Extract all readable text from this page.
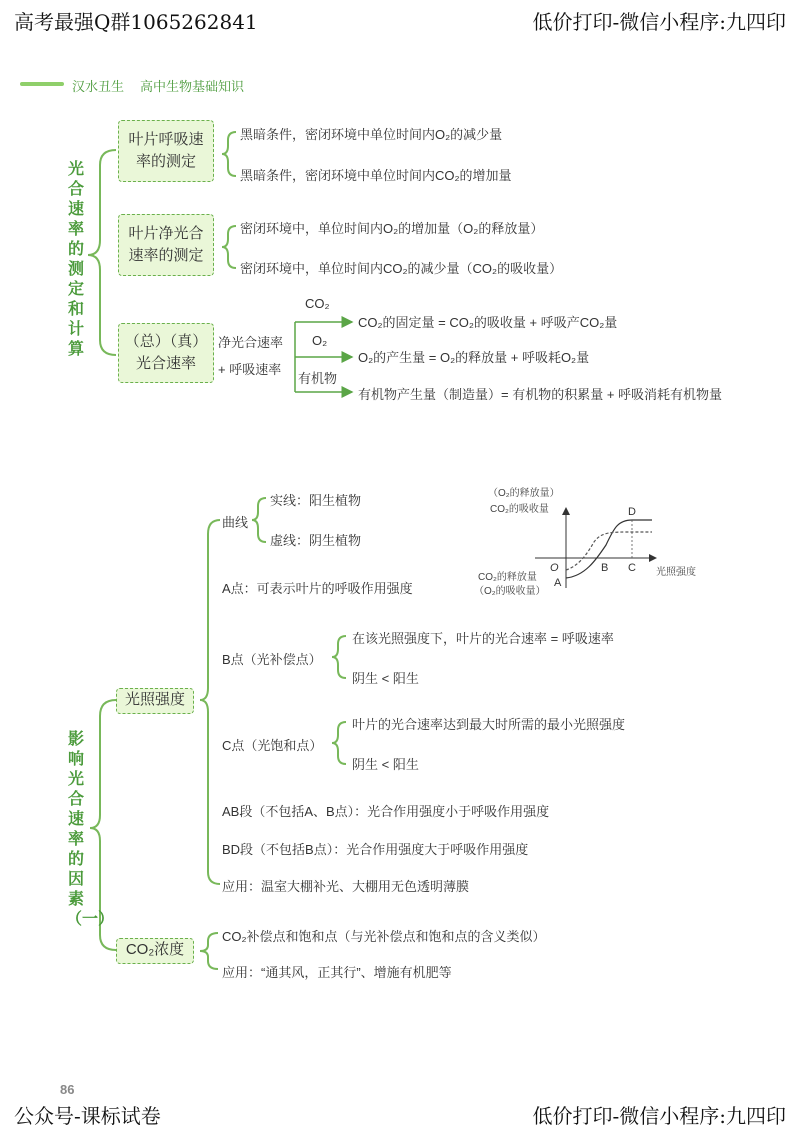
高考最强Q群1065262841	低价打印-微信小程序:九四印
公众号-课标试卷	低价打印-微信小程序:九四印
汉水丑生 高中生物基础知识
光合速率的测定和计算
叶片呼吸速
率的测定
黑暗条件，密闭环境中单位时间内O₂的减少量
黑暗条件，密闭环境中单位时间内CO₂的增加量
叶片净光合
速率的测定
密闭环境中，单位时间内O₂的增加量（O₂的释放量）
密闭环境中，单位时间内CO₂的减少量（CO₂的吸收量）
（总）（真）
光合速率
净光合速率
+ 呼吸速率
CO₂
O₂
有机物
CO₂的固定量 = CO₂的吸收量 + 呼吸产CO₂量
O₂的产生量 = O₂的释放量 + 呼吸耗O₂量
有机物产生量（制造量）= 有机物的积累量 + 呼吸消耗有机物量
影响光合速率的因素（一）
光照强度
CO₂浓度
曲线
实线：阳生植物
虚线：阴生植物
A点：可表示叶片的呼吸作用强度
B点（光补偿点）
在该光照强度下，叶片的光合速率 = 呼吸速率
阴生 < 阳生
C点（光饱和点）
叶片的光合速率达到最大时所需的最小光照强度
阴生 < 阳生
AB段（不包括A、B点）：光合作用强度小于呼吸作用强度
BD段（不包括B点）：光合作用强度大于呼吸作用强度
应用：温室大棚补光、大棚用无色透明薄膜
CO₂补偿点和饱和点（与光补偿点和饱和点的含义类似）
应用：“通其风，正其行”、增施有机肥等
（O₂的释放量）
CO₂的吸收量
CO₂的释放量
（O₂的吸收量）
光照强度
O
A
B C
D
86
